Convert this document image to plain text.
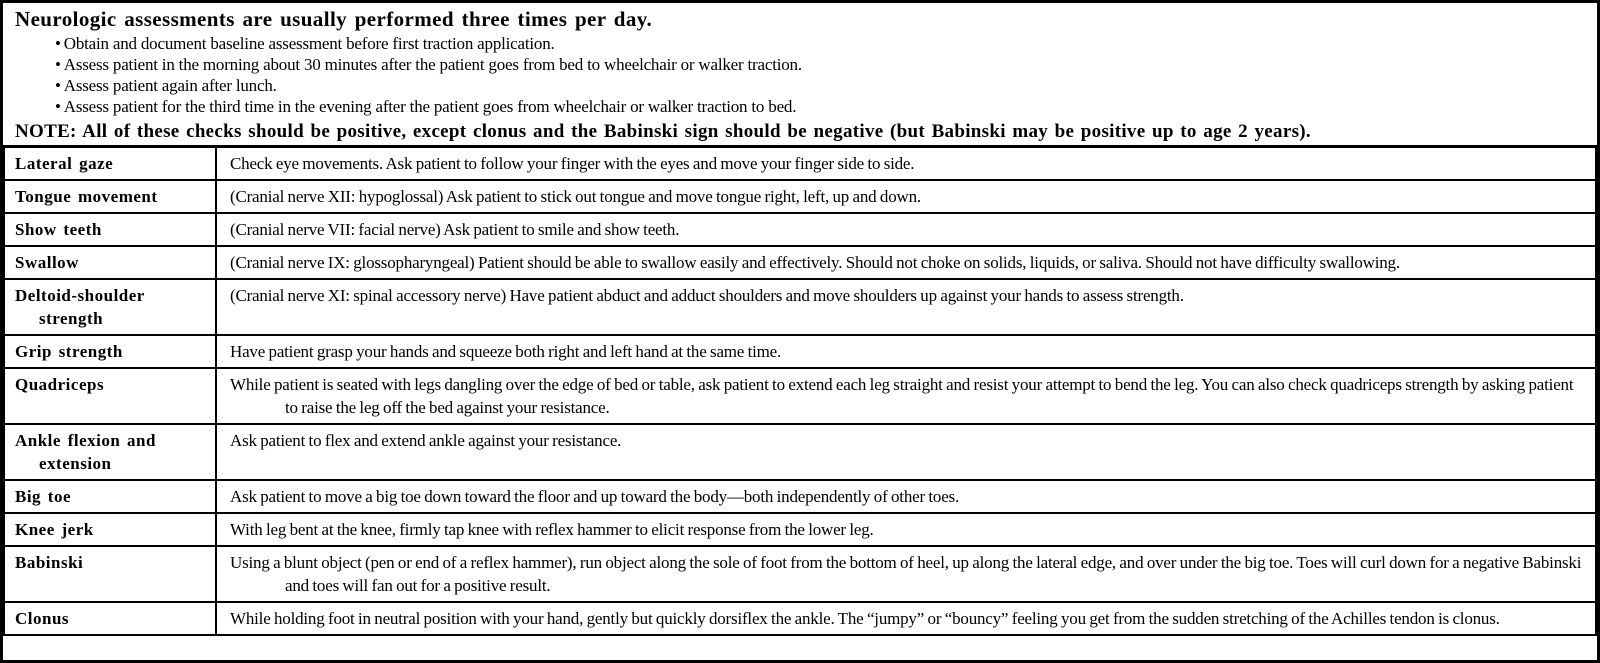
Neurologic assessments are usually performed three times per day.
• Obtain and document baseline assessment before first traction application.
• Assess patient in the morning about 30 minutes after the patient goes from bed to wheelchair or walker traction.
• Assess patient again after lunch.
• Assess patient for the third time in the evening after the patient goes from wheelchair or walker traction to bed.
NOTE: All of these checks should be positive, except clonus and the Babinski sign should be negative (but Babinski may be positive up to age 2 years).
Lateral gaze	Check eye movements. Ask patient to follow your finger with the eyes and move your finger side to side.
Tongue movement	(Cranial nerve XII: hypoglossal) Ask patient to stick out tongue and move tongue right, left, up and down.
Show teeth	(Cranial nerve VII: facial nerve) Ask patient to smile and show teeth.
Swallow	(Cranial nerve IX: glossopharyngeal) Patient should be able to swallow easily and effectively. Should not choke on solids, liquids, or saliva. Should not have difficulty swallowing.
Deltoid-shoulder strength	(Cranial nerve XI: spinal accessory nerve) Have patient abduct and adduct shoulders and move shoulders up against your hands to assess strength.
Grip strength	Have patient grasp your hands and squeeze both right and left hand at the same time.
Quadriceps	While patient is seated with legs dangling over the edge of bed or table, ask patient to extend each leg straight and resist your attempt to bend the leg. You can also check quadriceps strength by asking patient to raise the leg off the bed against your resistance.
Ankle flexion and extension	Ask patient to flex and extend ankle against your resistance.
Big toe	Ask patient to move a big toe down toward the floor and up toward the body—both independently of other toes.
Knee jerk	With leg bent at the knee, firmly tap knee with reflex hammer to elicit response from the lower leg.
Babinski	Using a blunt object (pen or end of a reflex hammer), run object along the sole of foot from the bottom of heel, up along the lateral edge, and over under the big toe. Toes will curl down for a negative Babinski and toes will fan out for a positive result.
Clonus	While holding foot in neutral position with your hand, gently but quickly dorsiflex the ankle. The “jumpy” or “bouncy” feeling you get from the sudden stretching of the Achilles tendon is clonus.
